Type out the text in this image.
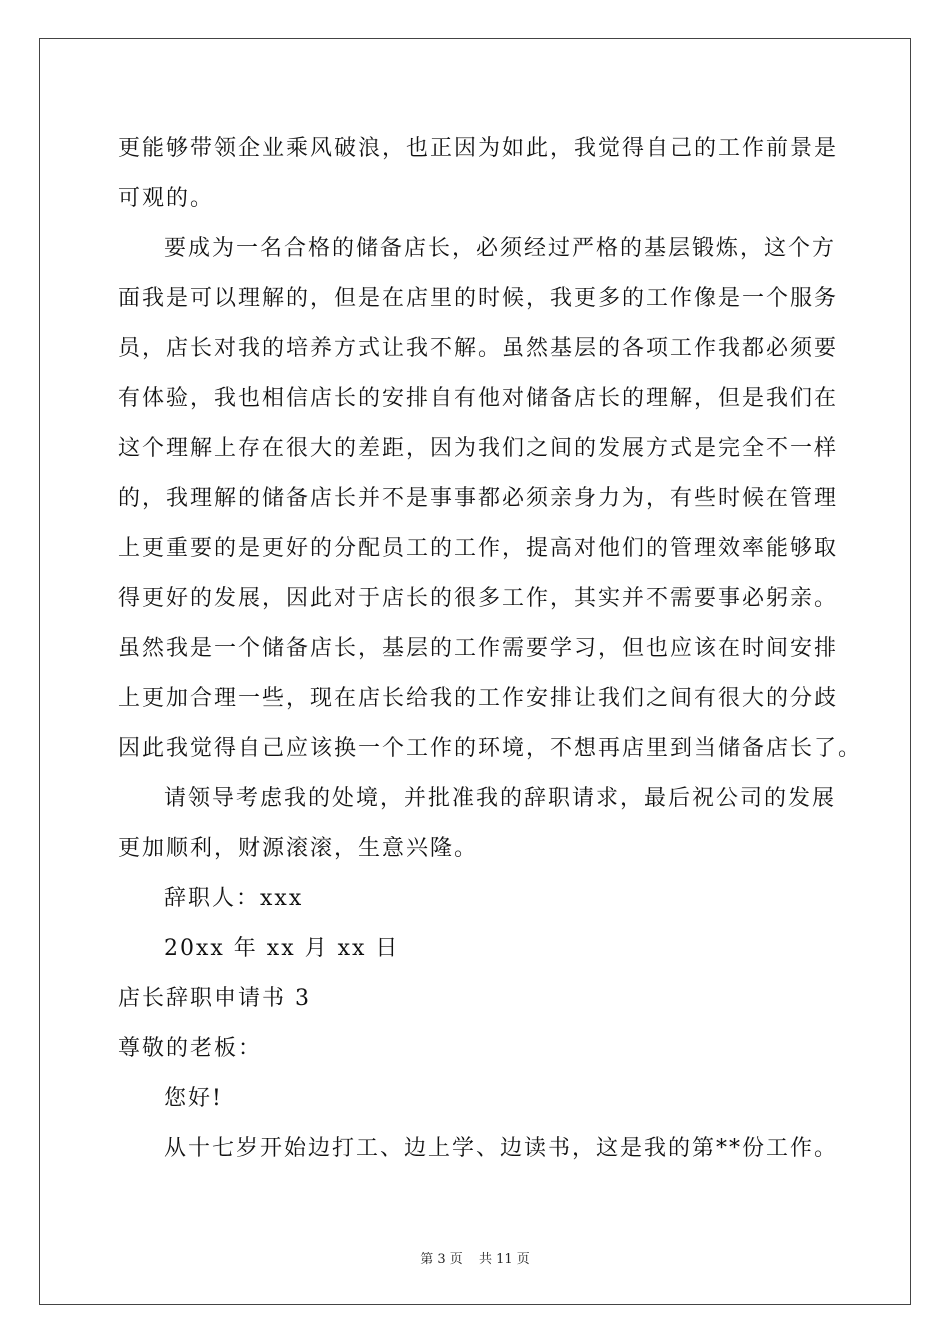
更能够带领企业乘风破浪，也正因为如此，我觉得自己的工作前景是
可观的。
要成为一名合格的储备店长，必须经过严格的基层锻炼，这个方
面我是可以理解的，但是在店里的时候，我更多的工作像是一个服务
员，店长对我的培养方式让我不解。虽然基层的各项工作我都必须要
有体验，我也相信店长的安排自有他对储备店长的理解，但是我们在
这个理解上存在很大的差距，因为我们之间的发展方式是完全不一样
的，我理解的储备店长并不是事事都必须亲身力为，有些时候在管理
上更重要的是更好的分配员工的工作，提高对他们的管理效率能够取
得更好的发展，因此对于店长的很多工作，其实并不需要事必躬亲。
虽然我是一个储备店长，基层的工作需要学习，但也应该在时间安排
上更加合理一些，现在店长给我的工作安排让我们之间有很大的分歧
因此我觉得自己应该换一个工作的环境，不想再店里到当储备店长了。
请领导考虑我的处境，并批准我的辞职请求，最后祝公司的发展
更加顺利，财源滚滚，生意兴隆。
辞职人：xxx
20xx 年 xx 月 xx 日
店长辞职申请书 3
尊敬的老板：
您好!
从十七岁开始边打工、边上学、边读书，这是我的第**份工作。
第 3 页 共 11 页
